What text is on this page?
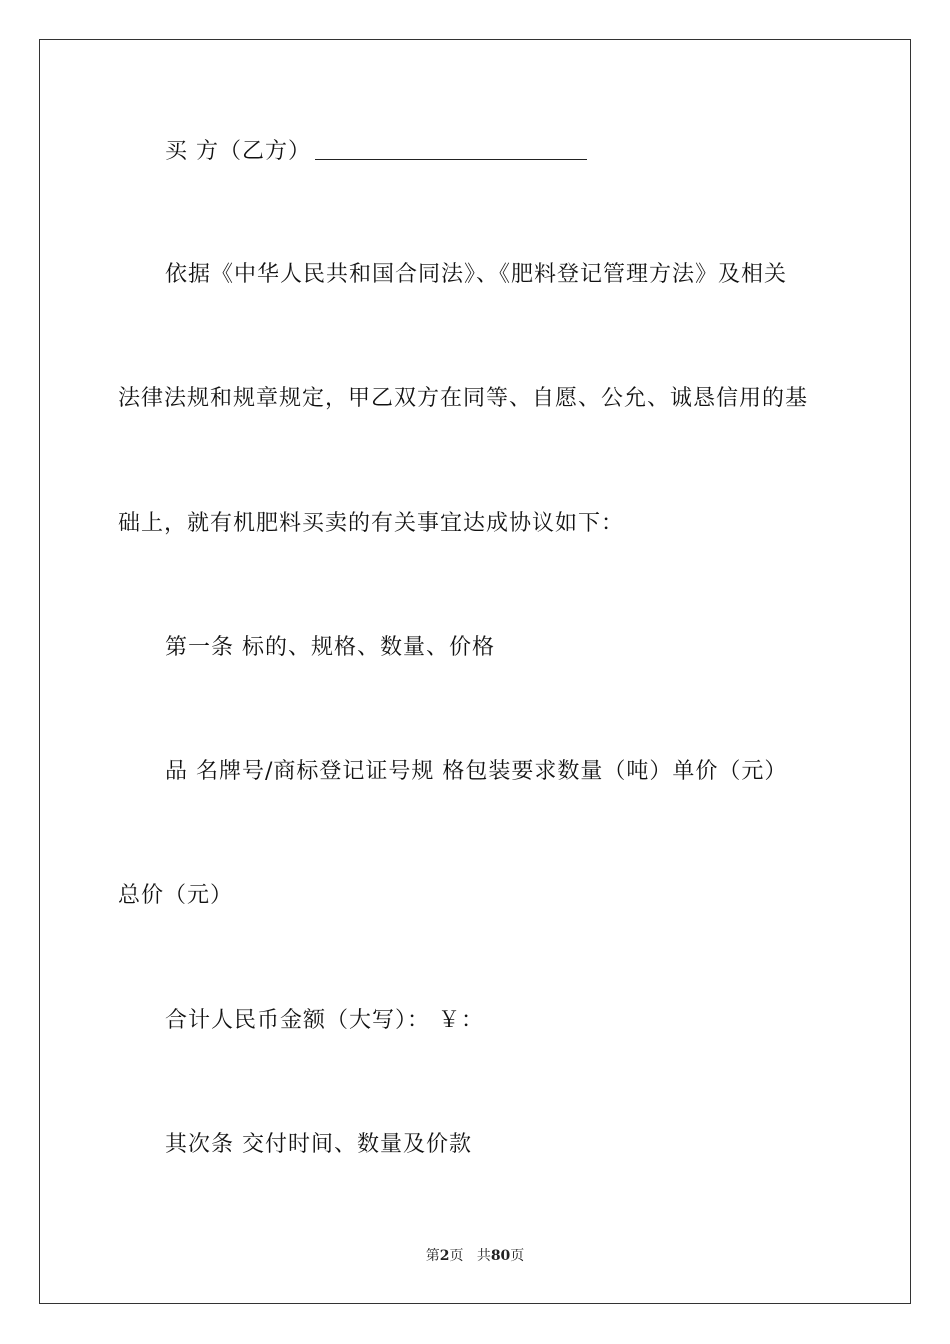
买 方（乙方）
依据《中华人民共和国合同法》、《肥料登记管理方法》及相关
法律法规和规章规定，甲乙双方在同等、自愿、公允、诚恳信用的基
础上，就有机肥料买卖的有关事宜达成协议如下：
第一条 标的、规格、数量、价格
品 名牌号/商标登记证号规 格包装要求数量（吨）单价（元）
总价（元）
合计人民币金额（大写）： ￥：
其次条 交付时间、数量及价款
第2页 共80页
